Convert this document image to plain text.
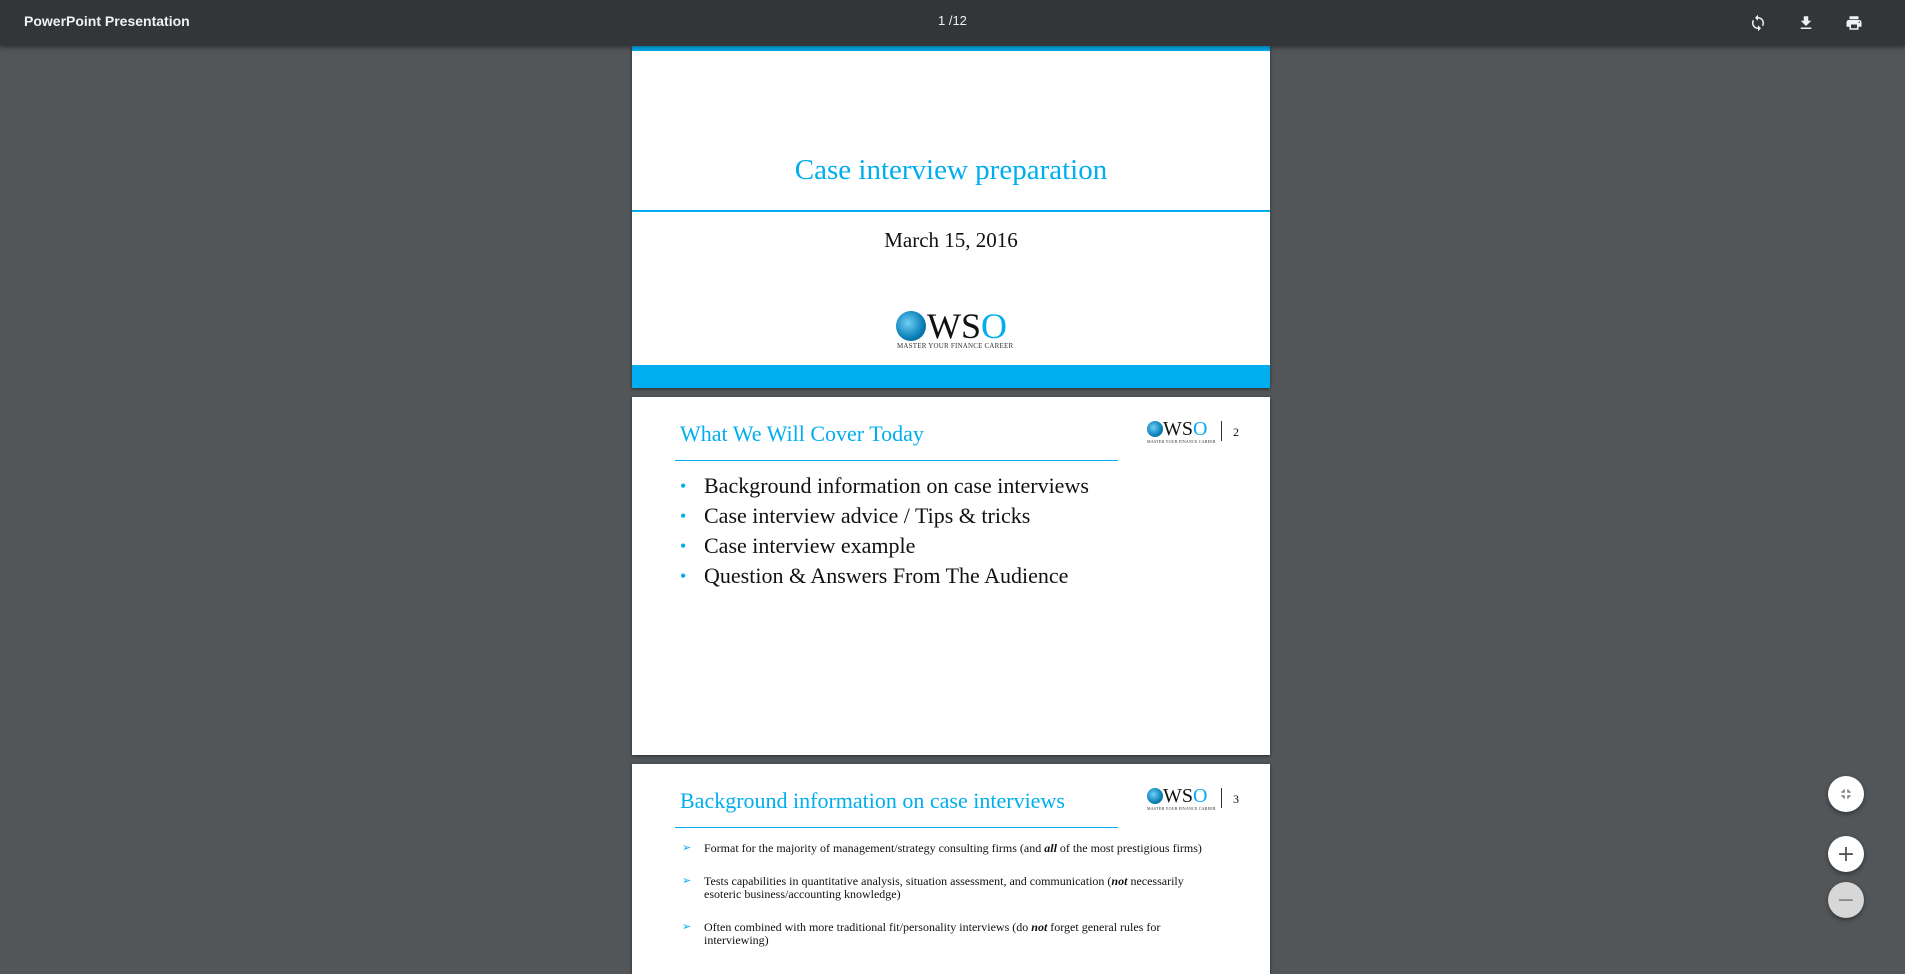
PowerPoint Presentation	1 /12
Case interview preparation
March 15, 2016
W S O
MASTER YOUR FINANCE CAREER
What We Will Cover Today	W S O
MASTER YOUR FINANCE CAREER
2
• Background information on case interviews
• Case interview advice / Tips & tricks
• Case interview example
• Question & Answers From The Audience
Background information on case interviews	W S O
MASTER YOUR FINANCE CAREER
3
➢ Format for the majority of management/strategy consulting firms (and all of the most prestigious firms)
➢ Tests capabilities in quantitative analysis, situation assessment, and communication (not necessarily esoteric business/accounting knowledge)
➢ Often combined with more traditional fit/personality interviews (do not forget general rules for interviewing)
+
−
